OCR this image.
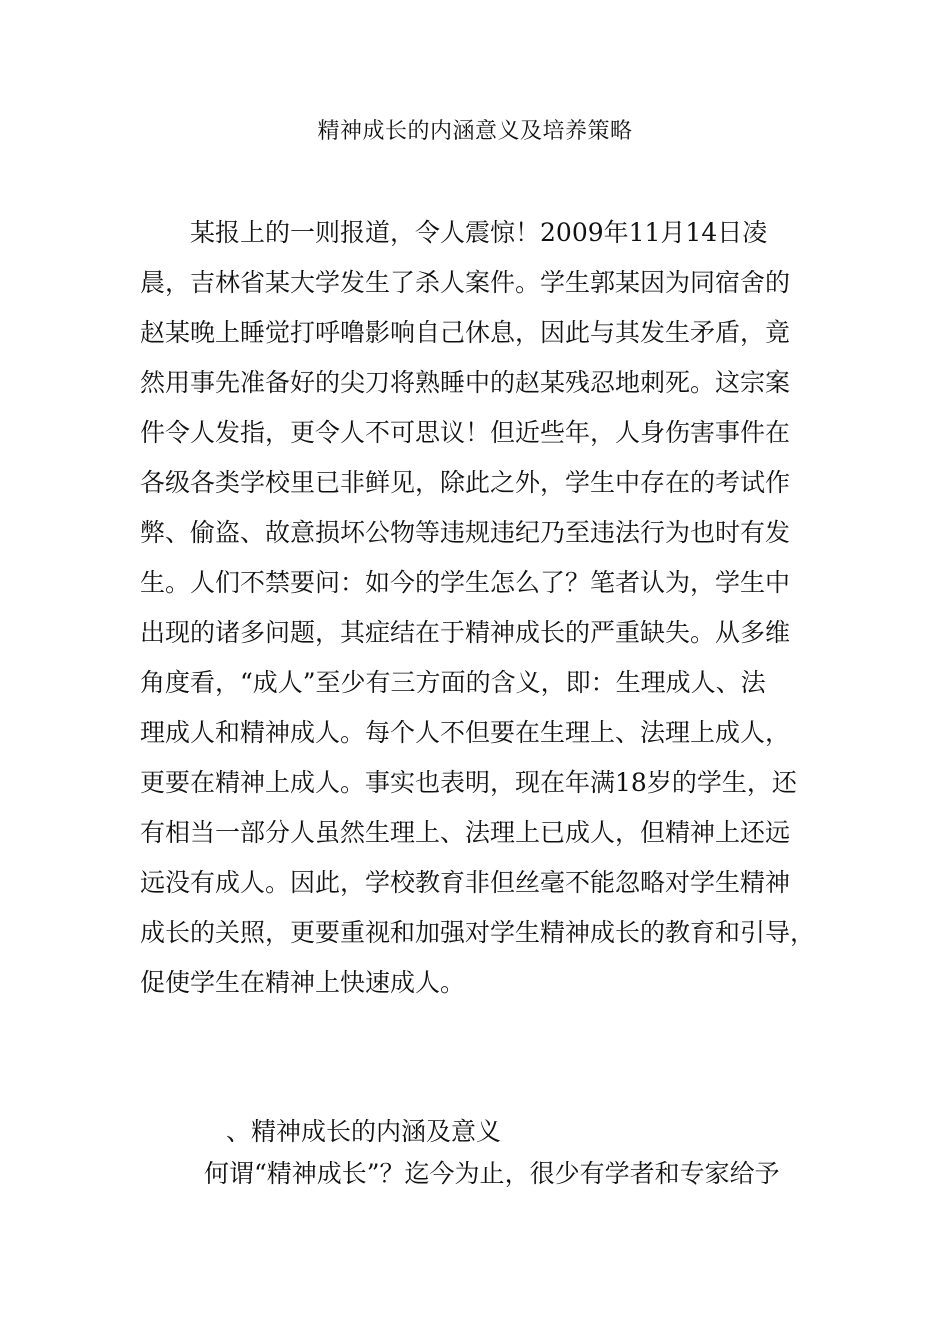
精神成长的内涵意义及培养策略
　　某报上的一则报道，令人震惊！2009年11月14日凌
晨，吉林省某大学发生了杀人案件。学生郭某因为同宿舍的
赵某晚上睡觉打呼噜影响自己休息，因此与其发生矛盾，竟
然用事先准备好的尖刀将熟睡中的赵某残忍地刺死。这宗案
件令人发指，更令人不可思议！但近些年，人身伤害事件在
各级各类学校里已非鲜见，除此之外，学生中存在的考试作
弊、偷盗、故意损坏公物等违规违纪乃至违法行为也时有发
生。人们不禁要问：如今的学生怎么了？笔者认为，学生中
出现的诸多问题，其症结在于精神成长的严重缺失。从多维
角度看，“成人”至少有三方面的含义，即：生理成人、法
理成人和精神成人。每个人不但要在生理上、法理上成人，
更要在精神上成人。事实也表明，现在年满18岁的学生，还
有相当一部分人虽然生理上、法理上已成人，但精神上还远
远没有成人。因此，学校教育非但丝毫不能忽略对学生精神
成长的关照，更要重视和加强对学生精神成长的教育和引导，
促使学生在精神上快速成人。
、精神成长的内涵及意义

何谓“精神成长”？迄今为止，很少有学者和专家给予
